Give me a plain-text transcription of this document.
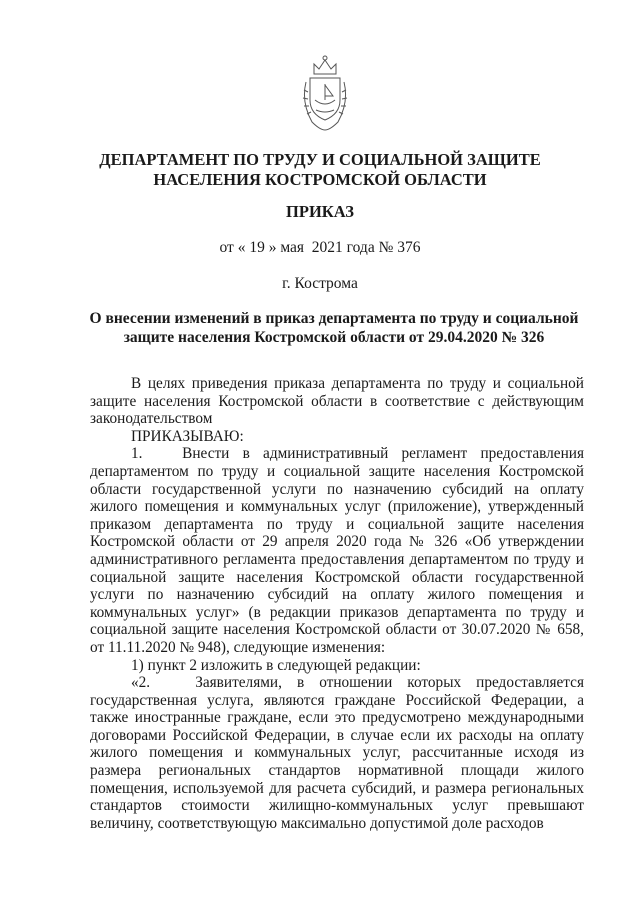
ДЕПАРТАМЕНТ ПО ТРУДУ И СОЦИАЛЬНОЙ ЗАЩИТЕ
НАСЕЛЕНИЯ КОСТРОМСКОЙ ОБЛАСТИ
ПРИКАЗ
от « 19 » мая  2021 года № 376
г. Кострома
О внесении изменений в приказ департамента по труду и социальной
защите населения Костромской области от 29.04.2020 № 326

В целях приведения приказа департамента по труду и социальной защите населения Костромской области в соответствие с действующим законодательством

ПРИКАЗЫВАЮ:

1.   Внести в административный регламент предоставления департаментом по труду и социальной защите населения Костромской области государственной услуги по назначению субсидий на оплату жилого помещения и коммунальных услуг (приложение), утвержденный приказом департамента по труду и социальной защите населения Костромской области от 29 апреля 2020 года № 326 «Об утверждении административного регламента предоставления департаментом по труду и социальной защите населения Костромской области государственной услуги по назначению субсидий на оплату жилого помещения и коммунальных услуг» (в редакции приказов департамента по труду и социальной защите населения Костромской области от 30.07.2020 № 658, от 11.11.2020 № 948), следующие изменения:

1) пункт 2 изложить в следующей редакции:

«2.   Заявителями, в отношении которых предоставляется государственная услуга, являются граждане Российской Федерации, а также иностранные граждане, если это предусмотрено международными договорами Российской Федерации, в случае если их расходы на оплату жилого помещения и коммунальных услуг, рассчитанные исходя из размера региональных стандартов нормативной площади жилого помещения, используемой для расчета субсидий, и размера региональных стандартов стоимости жилищно-коммунальных услуг превышают величину, соответствующую максимально допустимой доле расходов
